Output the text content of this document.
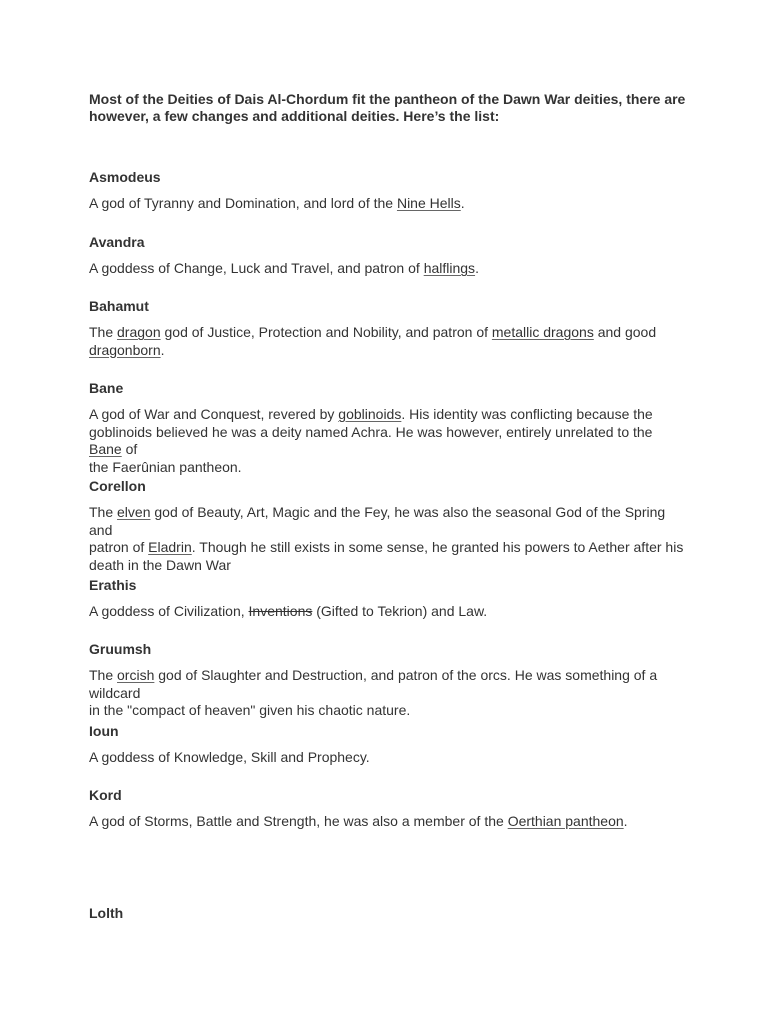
Most of the Deities of Dais Al-Chordum fit the pantheon of the Dawn War deities, there are
however, a few changes and additional deities. Here’s the list:

Asmodeus

A god of Tyranny and Domination, and lord of the Nine Hells.

Avandra

A goddess of Change, Luck and Travel, and patron of halflings.

Bahamut

The dragon god of Justice, Protection and Nobility, and patron of metallic dragons and good
dragonborn.

Bane

A god of War and Conquest, revered by goblinoids. His identity was conflicting because the
goblinoids believed he was a deity named Achra. He was however, entirely unrelated to the Bane of
the Faerûnian pantheon.

Corellon

The elven god of Beauty, Art, Magic and the Fey, he was also the seasonal God of the Spring and
patron of Eladrin. Though he still exists in some sense, he granted his powers to Aether after his
death in the Dawn War

Erathis

A goddess of Civilization, Inventions (Gifted to Tekrion) and Law.

Gruumsh

The orcish god of Slaughter and Destruction, and patron of the orcs. He was something of a wildcard
in the "compact of heaven" given his chaotic nature.

Ioun

A goddess of Knowledge, Skill and Prophecy.

Kord

A god of Storms, Battle and Strength, he was also a member of the Oerthian pantheon.

Lolth
